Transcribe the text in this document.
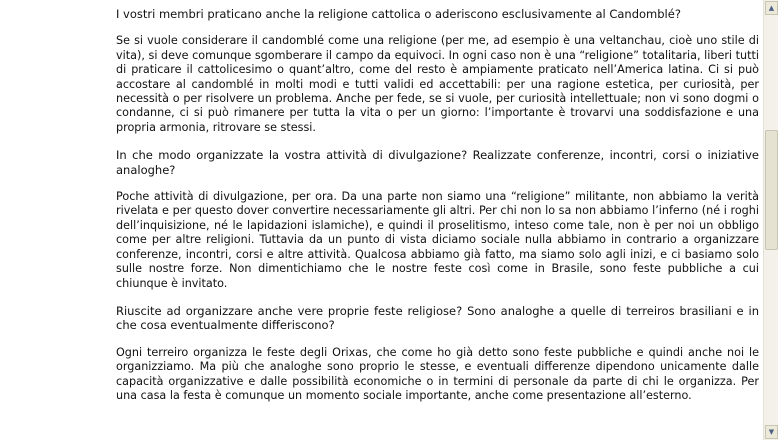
I vostri membri praticano anche la religione cattolica o aderiscono esclusivamente al Candomblé?

Se si vuole considerare il candomblé come una religione (per me, ad esempio è una veltanchau, cioè uno stile di vita), si deve comunque sgomberare il campo da equivoci. In ogni caso non è una “religione” totalitaria, liberi tutti di praticare il cattolicesimo o quant’altro, come del resto è ampiamente praticato nell’America latina. Ci si può accostare al candomblé in molti modi e tutti validi ed accettabili: per una ragione estetica, per curiosità, per necessità o per risolvere un problema. Anche per fede, se si vuole, per curiosità intellettuale; non vi sono dogmi o condanne, ci si può rimanere per tutta la vita o per un giorno: l’importante è trovarvi una soddisfazione e una propria armonia, ritrovare se stessi.

In che modo organizzate la vostra attività di divulgazione? Realizzate conferenze, incontri, corsi o iniziative analoghe?

Poche attività di divulgazione, per ora. Da una parte non siamo una “religione” militante, non abbiamo la verità rivelata e per questo dover convertire necessariamente gli altri. Per chi non lo sa non abbiamo l’inferno (né i roghi dell’inquisizione, né le lapidazioni islamiche), e quindi il proselitismo, inteso come tale, non è per noi un obbligo come per altre religioni. Tuttavia da un punto di vista diciamo sociale nulla abbiamo in contrario a organizzare conferenze, incontri, corsi e altre attività. Qualcosa abbiamo già fatto, ma siamo solo agli inizi, e ci basiamo solo sulle nostre forze. Non dimentichiamo che le nostre feste così come in Brasile, sono feste pubbliche a cui chiunque è invitato.

Riuscite ad organizzare anche vere proprie feste religiose? Sono analoghe a quelle di terreiros brasiliani e in che cosa eventualmente differiscono?

Ogni terreiro organizza le feste degli Orixas, che come ho già detto sono feste pubbliche e quindi anche noi le organizziamo. Ma più che analoghe sono proprio le stesse, e eventuali differenze dipendono unicamente dalle capacità organizzative e dalle possibilità economiche o in termini di personale da parte di chi le organizza. Per una casa la festa è comunque un momento sociale importante, anche come presentazione all’esterno.

▲
▼
